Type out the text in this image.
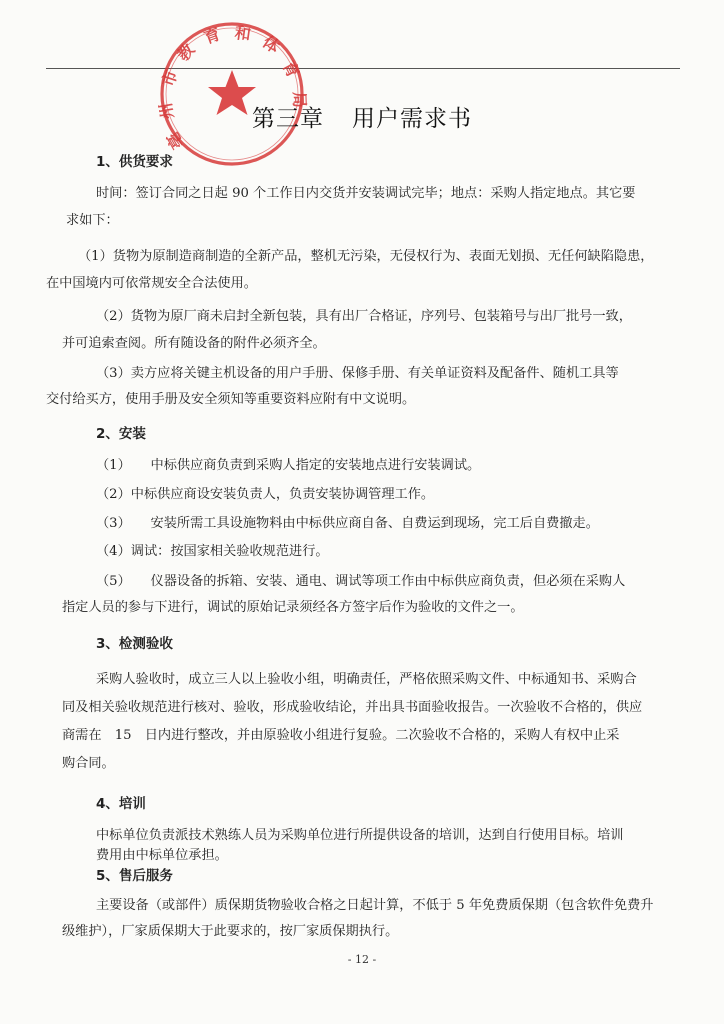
亳
州
市
教
育 和 体
育
局
第三章 用户需求书
1、供货要求
时间：签订合同之日起 90 个工作日内交货并安装调试完毕；地点：采购人指定地点。其它要
求如下：
（1）货物为原制造商制造的全新产品，整机无污染，无侵权行为、表面无划损、无任何缺陷隐患，
在中国境内可依常规安全合法使用。
（2）货物为原厂商未启封全新包装，具有出厂合格证，序列号、包装箱号与出厂批号一致，
并可追索查阅。所有随设备的附件必须齐全。
（3）卖方应将关键主机设备的用户手册、保修手册、有关单证资料及配备件、随机工具等
交付给买方，使用手册及安全须知等重要资料应附有中文说明。
2、安装
（1）　　中标供应商负责到采购人指定的安装地点进行安装调试。
（2）中标供应商设安装负责人，负责安装协调管理工作。
（3）　　安装所需工具设施物料由中标供应商自备、自费运到现场，完工后自费撤走。
（4）调试：按国家相关验收规范进行。
（5）　　仪器设备的拆箱、安装、通电、调试等项工作由中标供应商负责，但必须在采购人
指定人员的参与下进行，调试的原始记录须经各方签字后作为验收的文件之一。
3、检测验收
采购人验收时，成立三人以上验收小组，明确责任，严格依照采购文件、中标通知书、采购合
同及相关验收规范进行核对、验收，形成验收结论，并出具书面验收报告。一次验收不合格的，供应
商需在　15　日内进行整改，并由原验收小组进行复验。二次验收不合格的，采购人有权中止采
购合同。
4、培训
中标单位负责派技术熟练人员为采购单位进行所提供设备的培训，达到自行使用目标。培训
费用由中标单位承担。
5、售后服务
主要设备（或部件）质保期货物验收合格之日起计算，不低于 5 年免费质保期（包含软件免费升
级维护），厂家质保期大于此要求的，按厂家质保期执行。
- 12 -
